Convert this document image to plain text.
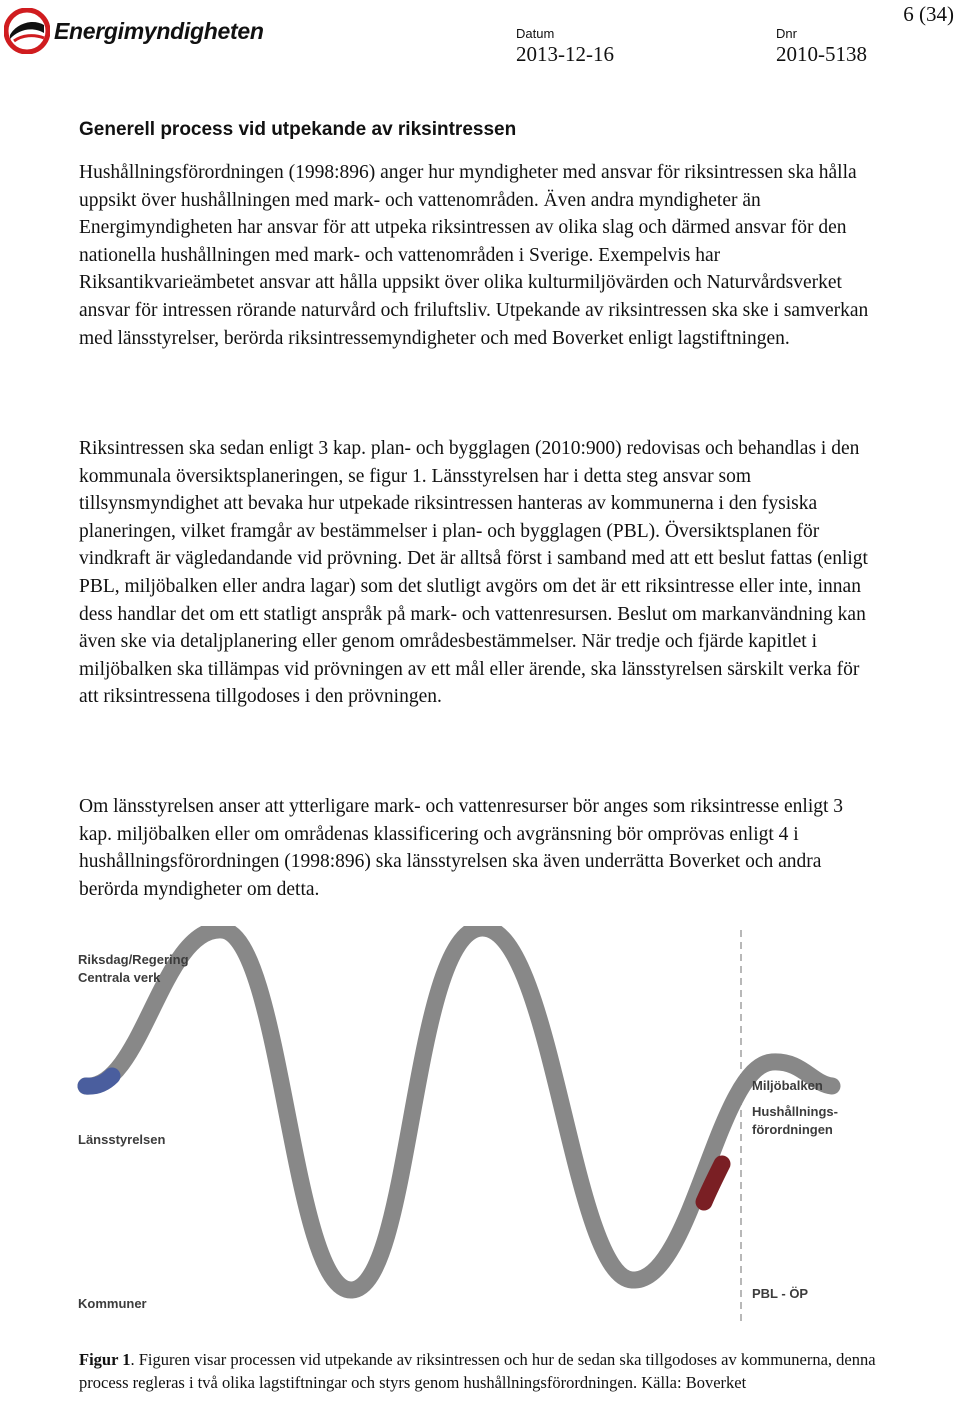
Energimyndigheten
6 (34)
Datum
2013-12-16
Dnr
2010-5138
Generell process vid utpekande av riksintressen

Hushållningsförordningen (1998:896) anger hur myndigheter med ansvar för riksintressen ska hålla uppsikt över hushållningen med mark- och vattenområden. Även andra myndigheter än Energimyndigheten har ansvar för att utpeka riksintressen av olika slag och därmed ansvar för den nationella hushållningen med mark- och vattenområden i Sverige. Exempelvis har Riksantikvarieämbetet ansvar att hålla uppsikt över olika kulturmiljövärden och Naturvårdsverket ansvar för intressen rörande naturvård och friluftsliv. Utpekande av riksintressen ska ske i samverkan med länsstyrelser, berörda riksintressemyndigheter och med Boverket enligt lagstiftningen.

Riksintressen ska sedan enligt 3 kap. plan- och bygglagen (2010:900) redovisas och behandlas i den kommunala översiktsplaneringen, se figur 1. Länsstyrelsen har i detta steg ansvar som tillsynsmyndighet att bevaka hur utpekade riksintressen hanteras av kommunerna i den fysiska planeringen, vilket framgår av bestämmelser i plan- och bygglagen (PBL). Översiktsplanen för vindkraft är vägledandande vid prövning. Det är alltså först i samband med att ett beslut fattas (enligt PBL, miljöbalken eller andra lagar) som det slutligt avgörs om det är ett riksintresse eller inte, innan dess handlar det om ett statligt anspråk på mark- och vattenresursen. Beslut om markanvändning kan även ske via detaljplanering eller genom områdesbestämmelser. När tredje och fjärde kapitlet i miljöbalken ska tillämpas vid prövningen av ett mål eller ärende, ska länsstyrelsen särskilt verka för att riksintressena tillgodoses i den prövningen.

Om länsstyrelsen anser att ytterligare mark- och vattenresurser bör anges som riksintresse enligt 3 kap. miljöbalken eller om områdenas klassificering och avgränsning bör omprövas enligt 4 i hushållningsförordningen (1998:896) ska länsstyrelsen ska även underrätta Boverket och andra berörda myndigheter om detta.

Riksdag/Regering
Centrala verk
Länsstyrelsen
Kommuner
Miljöbalken
Hushållnings-
förordningen
PBL - ÖP

Figur 1. Figuren visar processen vid utpekande av riksintressen och hur de sedan ska tillgodoses av kommunerna, denna process regleras i två olika lagstiftningar och styrs genom hushållningsförordningen. Källa: Boverket
